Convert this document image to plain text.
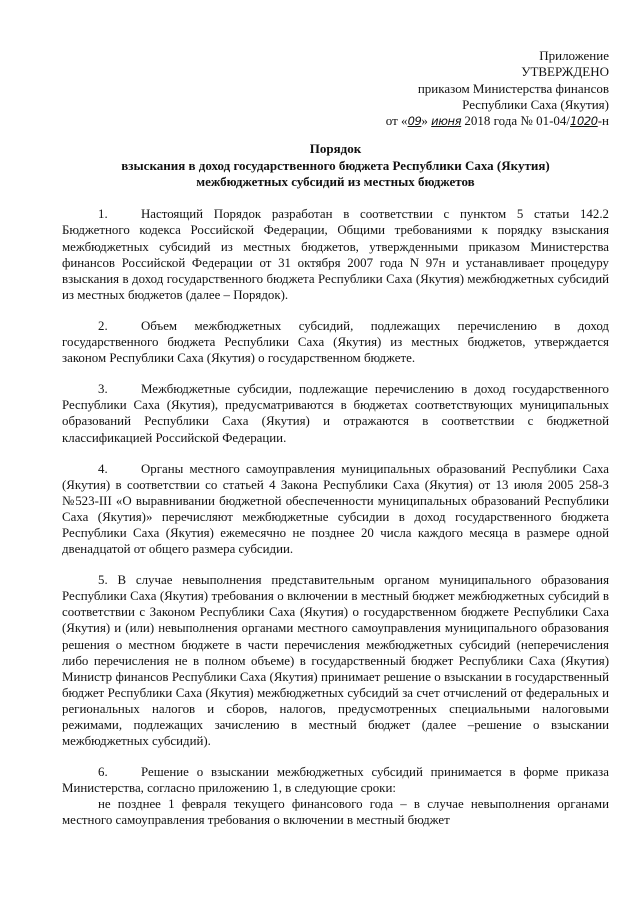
Приложение
УТВЕРЖДЕНО
приказом Министерства финансов
Республики Саха (Якутия)
от «09» июня 2018 года № 01-04/1020-н
Порядок
взыскания в доход государственного бюджета Республики Саха (Якутия)
межбюджетных субсидий из местных бюджетов

1.	Настоящий Порядок разработан в соответствии с пунктом 5 статьи 142.2 Бюджетного кодекса Российской Федерации, Общими требованиями к порядку взыскания межбюджетных субсидий из местных бюджетов, утвержденными приказом Министерства финансов Российской Федерации от 31 октября 2007 года N 97н и устанавливает процедуру взыскания в доход государственного бюджета Республики Саха (Якутия) межбюджетных субсидий из местных бюджетов (далее – Порядок).

2.	Объем межбюджетных субсидий, подлежащих перечислению в доход государственного бюджета Республики Саха (Якутия) из местных бюджетов, утверждается законом Республики Саха (Якутия) о государственном бюджете.

3.	Межбюджетные субсидии, подлежащие перечислению в доход государственного Республики Саха (Якутия), предусматриваются в бюджетах соответствующих муниципальных образований Республики Саха (Якутия) и отражаются в соответствии с бюджетной классификацией Российской Федерации.

4.	Органы местного самоуправления муниципальных образований Республики Саха (Якутия) в соответствии со статьей 4 Закона Республики Саха (Якутия) от 13 июля 2005 258-З №523-III «О выравнивании бюджетной обеспеченности муниципальных образований Республики Саха (Якутия)» перечисляют межбюджетные субсидии в доход государственного бюджета Республики Саха (Якутия) ежемесячно не позднее 20 числа каждого месяца в размере одной двенадцатой от общего размера субсидии.

5. В случае невыполнения представительным органом муниципального образования Республики Саха (Якутия) требования о включении в местный бюджет межбюджетных субсидий в соответствии с Законом Республики Саха (Якутия) о государственном бюджете Республики Саха (Якутия) и (или) невыполнения органами местного самоуправления муниципального образования решения о местном бюджете в части перечисления межбюджетных субсидий (неперечисления либо перечисления не в полном объеме) в государственный бюджет Республики Саха (Якутия) Министр финансов Республики Саха (Якутия) принимает решение о взыскании в государственный бюджет Республики Саха (Якутия) межбюджетных субсидий за счет отчислений от федеральных и региональных налогов и сборов, налогов, предусмотренных специальными налоговыми режимами, подлежащих зачислению в местный бюджет (далее –решение о взыскании межбюджетных субсидий).

6.	Решение о взыскании межбюджетных субсидий принимается в форме приказа Министерства, согласно приложению 1, в следующие сроки:

не позднее 1 февраля текущего финансового года – в случае невыполнения органами местного самоуправления требования о включении в местный бюджет
